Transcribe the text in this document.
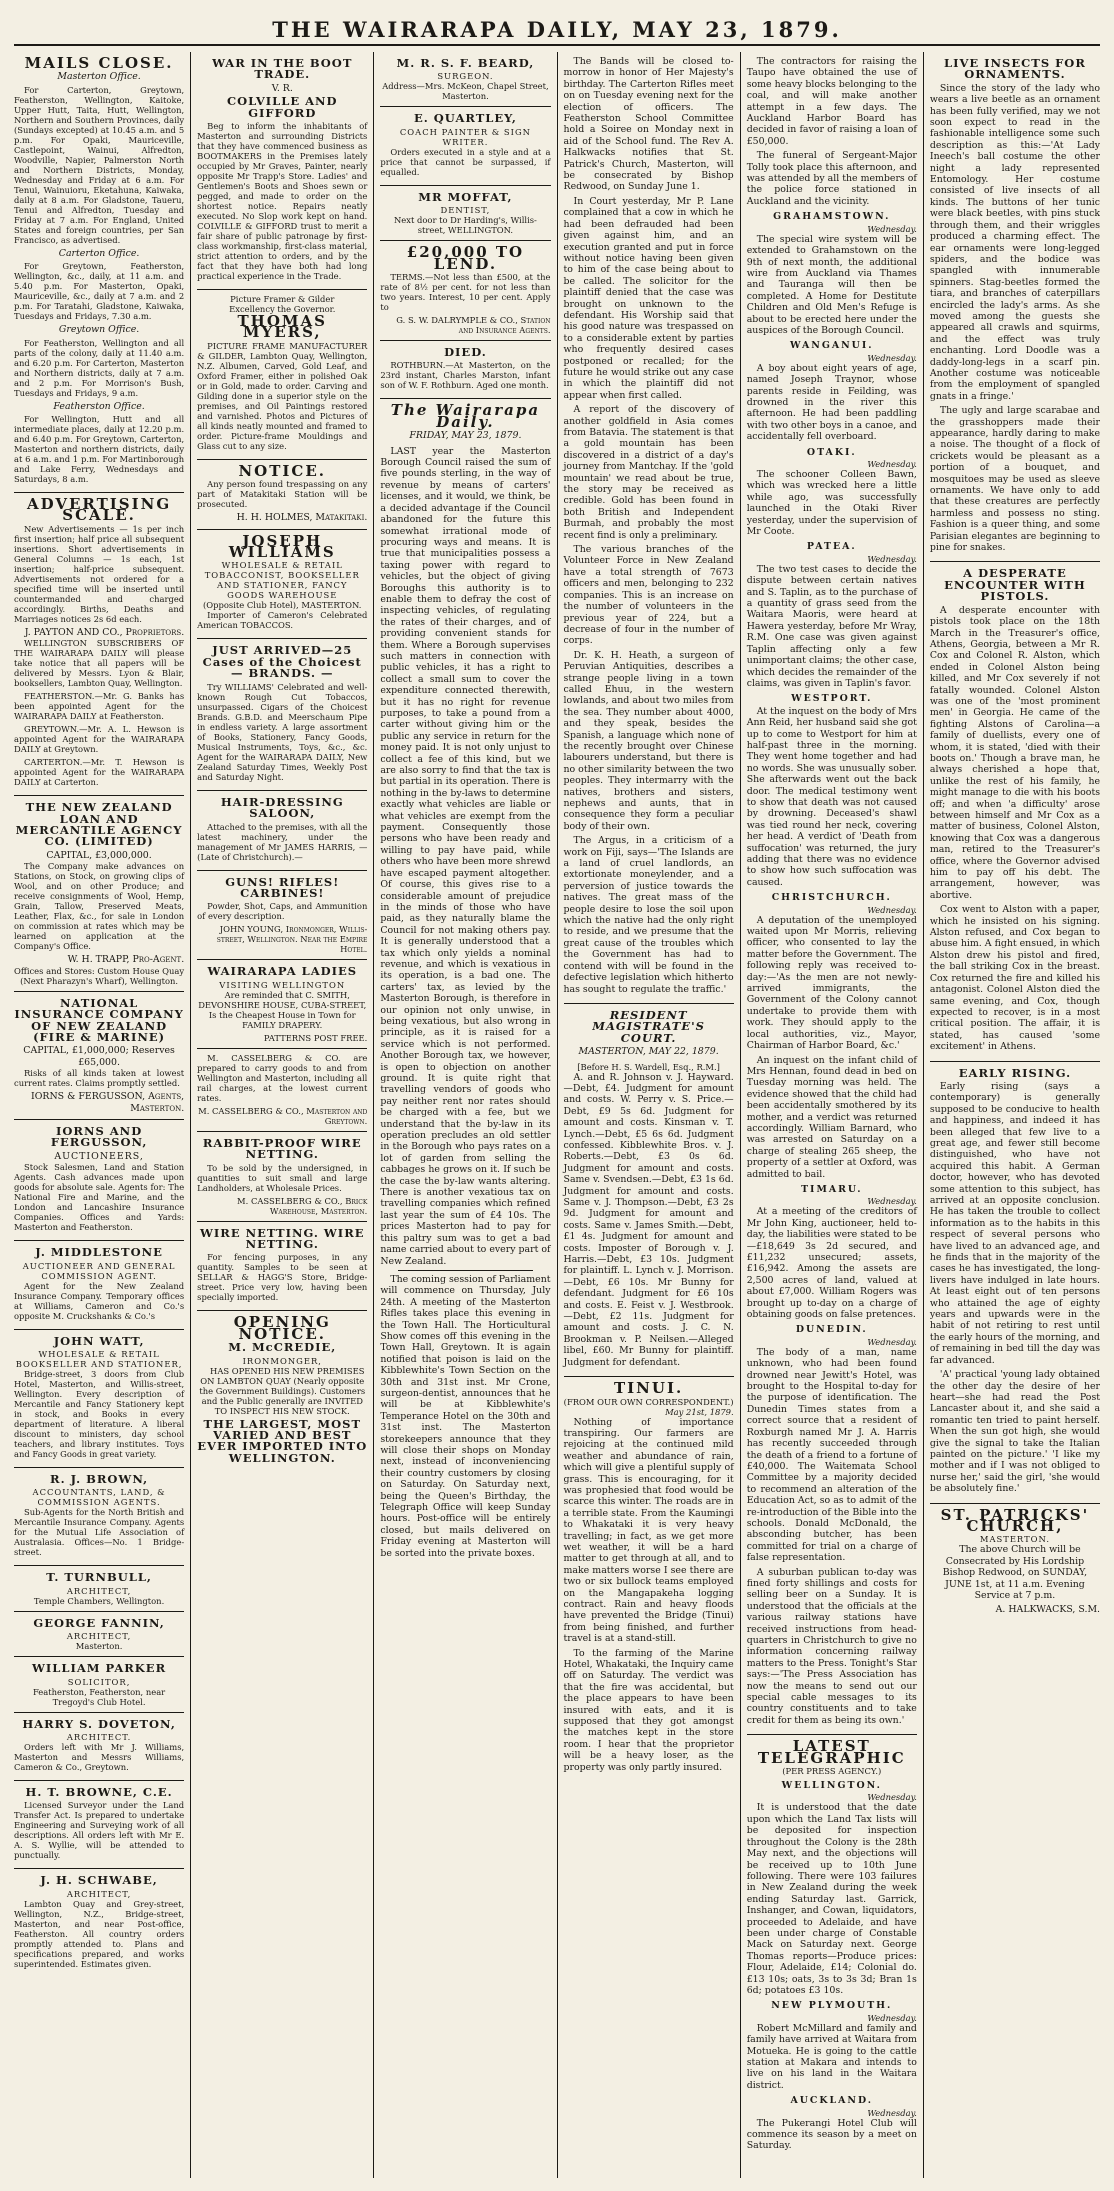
THE WAIRARAPA DAILY, MAY 23, 1879.
MAILS CLOSE.
Masterton Office.

For Carterton, Greytown, Featherston, Wellington, Kaitoke, Upper Hutt, Taita, Hutt, Wellington, Northern and Southern Provinces, daily (Sundays excepted) at 10.45 a.m. and 5 p.m. For Opaki, Mauriceville, Castlepoint, Wainui, Alfredton, Woodville, Napier, Palmerston North and Northern Districts, Monday, Wednesday and Friday at 6 a.m. For Tenui, Wainuioru, Eketahuna, Kaiwaka, daily at 8 a.m. For Gladstone, Taueru, Tenui and Alfredton, Tuesday and Friday at 7 a.m. For England, United States and foreign countries, per San Francisco, as advertised.

Carterton Office.

For Greytown, Featherston, Wellington, &c., daily, at 11 a.m. and 5.40 p.m. For Masterton, Opaki, Mauriceville, &c., daily at 7 a.m. and 2 p.m. For Taratahi, Gladstone, Kaiwaka, Tuesdays and Fridays, 7.30 a.m.

Greytown Office.

For Featherston, Wellington and all parts of the colony, daily at 11.40 a.m. and 6.20 p.m. For Carterton, Masterton and Northern districts, daily at 7 a.m. and 2 p.m. For Morrison's Bush, Tuesdays and Fridays, 9 a.m.

Featherston Office.

For Wellington, Hutt and all intermediate places, daily at 12.20 p.m. and 6.40 p.m. For Greytown, Carterton, Masterton and northern districts, daily at 6 a.m. and 1 p.m. For Martinborough and Lake Ferry, Wednesdays and Saturdays, 8 a.m.

ADVERTISING SCALE.

New Advertisements — 1s per inch first insertion; half price all subsequent insertions. Short advertisements in General Columns — 1s each, 1st insertion; half-price subsequent. Advertisements not ordered for a specified time will be inserted until countermanded and charged accordingly. Births, Deaths and Marriages notices 2s 6d each.

J. PAYTON AND CO., Proprietors.

WELLINGTON SUBSCRIBERS OF THE WAIRARAPA DAILY will please take notice that all papers will be delivered by Messrs. Lyon & Blair, booksellers, Lambton Quay, Wellington.

FEATHERSTON.—Mr. G. Banks has been appointed Agent for the WAIRARAPA DAILY at Featherston.

GREYTOWN.—Mr. A. L. Hewson is appointed Agent for the WAIRARAPA DAILY at Greytown.

CARTERTON.—Mr. T. Hewson is appointed Agent for the WAIRARAPA DAILY at Carterton.

THE NEW ZEALAND LOAN AND MERCANTILE AGENCY CO. (LIMITED)
CAPITAL, £3,000,000.

The Company make advances on Stations, on Stock, on growing clips of Wool, and on other Produce; and receive consignments of Wool, Hemp, Grain, Tallow, Preserved Meats, Leather, Flax, &c., for sale in London on commission at rates which may be learned on application at the Company's Office.

W. H. TRAPP, Pro-Agent.
Offices and Stores: Custom House Quay (Next Pharazyn's Wharf), Wellington.
NATIONAL INSURANCE COMPANY OF NEW ZEALAND (FIRE & MARINE)
CAPITAL, £1,000,000; Reserves £65,000.

Risks of all kinds taken at lowest current rates. Claims promptly settled.

IORNS & FERGUSSON, Agents, Masterton.
IORNS AND FERGUSSON,
AUCTIONEERS,

Stock Salesmen, Land and Station Agents. Cash advances made upon goods for absolute sale. Agents for: The National Fire and Marine, and the London and Lancashire Insurance Companies. Offices and Yards: Masterton and Featherston.

J. MIDDLESTONE
AUCTIONEER AND GENERAL COMMISSION AGENT.

Agent for the New Zealand Insurance Company. Temporary offices at Williams, Cameron and Co.'s opposite M. Cruckshanks & Co.'s

JOHN WATT,
WHOLESALE & RETAIL BOOKSELLER AND STATIONER,

Bridge-street, 3 doors from Club Hotel, Masterton, and Willis-street, Wellington. Every description of Mercantile and Fancy Stationery kept in stock, and Books in every department of literature. A liberal discount to ministers, day school teachers, and library institutes. Toys and Fancy Goods in great variety.

R. J. BROWN,
ACCOUNTANTS, LAND, & COMMISSION AGENTS.

Sub-Agents for the North British and Mercantile Insurance Company. Agents for the Mutual Life Association of Australasia. Offices—No. 1 Bridge-street.

T. TURNBULL,
ARCHITECT,
Temple Chambers, Wellington.
GEORGE FANNIN,
ARCHITECT,
Masterton.
WILLIAM PARKER
SOLICITOR,
Featherston, Featherston, near Tregoyd's Club Hotel.
HARRY S. DOVETON,
ARCHITECT.

Orders left with Mr J. Williams, Masterton and Messrs Williams, Cameron & Co., Greytown.

H. T. BROWNE, C.E.

Licensed Surveyor under the Land Transfer Act. Is prepared to undertake Engineering and Surveying work of all descriptions. All orders left with Mr E. A. S. Wyllie, will be attended to punctually.

J. H. SCHWABE,
ARCHITECT,

Lambton Quay and Grey-street, Wellington, N.Z., Bridge-street, Masterton, and near Post-office, Featherston. All country orders promptly attended to. Plans and specifications prepared, and works superintended. Estimates given.

WAR IN THE BOOT TRADE.
V. R.
COLVILLE AND GIFFORD

Beg to inform the inhabitants of Masterton and surrounding Districts that they have commenced business as BOOTMAKERS in the Premises lately occupied by Mr Graves, Painter, nearly opposite Mr Trapp's Store. Ladies' and Gentlemen's Boots and Shoes sewn or pegged, and made to order on the shortest notice. Repairs neatly executed. No Slop work kept on hand. COLVILLE & GIFFORD trust to merit a fair share of public patronage by first-class workmanship, first-class material, strict attention to orders, and by the fact that they have both had long practical experience in the Trade.

Picture Framer & Gilder
Excellency the Governor.
THOMAS MYERS,

PICTURE FRAME MANUFACTURER & GILDER, Lambton Quay, Wellington, N.Z. Albumen, Carved, Gold Leaf, and Oxford Framer, either in polished Oak or in Gold, made to order. Carving and Gilding done in a superior style on the premises, and Oil Paintings restored and varnished. Photos and Pictures of all kinds neatly mounted and framed to order. Picture-frame Mouldings and Glass cut to any size.

NOTICE.

Any person found trespassing on any part of Matakitaki Station will be prosecuted.

H. H. HOLMES, Matakitaki.
JOSEPH WILLIAMS
WHOLESALE & RETAIL TOBACCONIST, BOOKSELLER AND STATIONER, FANCY GOODS WAREHOUSE
(Opposite Club Hotel), MASTERTON.

Importer of Cameron's Celebrated American TOBACCOS.

JUST ARRIVED—25 Cases of the Choicest — BRANDS. —

Try WILLIAMS' Celebrated and well-known Rough Cut Tobaccos, unsurpassed. Cigars of the Choicest Brands. G.B.D. and Meerschaum Pipe in endless variety. A large assortment of Books, Stationery, Fancy Goods, Musical Instruments, Toys, &c., &c. Agent for the WAIRARAPA DAILY, New Zealand Saturday Times, Weekly Post and Saturday Night.

HAIR-DRESSING SALOON,

Attached to the premises, with all the latest machinery, under the management of Mr JAMES HARRIS, —(Late of Christchurch).—

GUNS! RIFLES! CARBINES!

Powder, Shot, Caps, and Ammunition of every description.

JOHN YOUNG, Ironmonger, Willis-street, Wellington. Near the Empire Hotel.
WAIRARAPA LADIES
VISITING WELLINGTON

Are reminded that C. SMITH, DEVONSHIRE HOUSE, CUBA-STREET, Is the Cheapest House in Town for FAMILY DRAPERY.

PATTERNS POST FREE.

M. CASSELBERG & CO. are prepared to carry goods to and from Wellington and Masterton, including all rail charges, at the lowest current rates.

M. CASSELBERG & CO., Masterton and Greytown.
RABBIT-PROOF WIRE NETTING.

To be sold by the undersigned, in quantities to suit small and large Landholders, at Wholesale Prices.

M. CASSELBERG & CO., Brick Warehouse, Masterton.
WIRE NETTING. WIRE NETTING.

For fencing purposes, in any quantity. Samples to be seen at SELLAR & HAGG'S Store, Bridge-street. Price very low, having been specially imported.

OPENING NOTICE.
M. McCREDIE,
IRONMONGER,

HAS OPENED HIS NEW PREMISES ON LAMBTON QUAY (Nearly opposite the Government Buildings). Customers and the Public generally are INVITED TO INSPECT HIS NEW STOCK.

THE LARGEST, MOST VARIED AND BEST EVER IMPORTED INTO WELLINGTON.
M. R. S. F. BEARD,
SURGEON.
Address—Mrs. McKeon, Chapel Street, Masterton.
E. QUARTLEY,
COACH PAINTER & SIGN WRITER.

Orders executed in a style and at a price that cannot be surpassed, if equalled.

MR MOFFAT,
DENTIST,
Next door to Dr Harding's, Willis-street, WELLINGTON.
£20,000 TO LEND.

TERMS.—Not less than £500, at the rate of 8½ per cent. for not less than two years. Interest, 10 per cent. Apply to

G. S. W. DALRYMPLE & CO., Station and Insurance Agents.
DIED.

ROTHBURN.—At Masterton, on the 23rd instant, Charles Marston, infant son of W. F. Rothburn. Aged one month.

The Wairarapa Daily.
FRIDAY, MAY 23, 1879.

LAST year the Masterton Borough Council raised the sum of five pounds sterling, in the way of revenue by means of carters' licenses, and it would, we think, be a decided advantage if the Council abandoned for the future this somewhat irrational mode of procuring ways and means. It is true that municipalities possess a taxing power with regard to vehicles, but the object of giving Boroughs this authority is to enable them to defray the cost of inspecting vehicles, of regulating the rates of their charges, and of providing convenient stands for them. Where a Borough supervises such matters in connection with public vehicles, it has a right to collect a small sum to cover the expenditure connected therewith, but it has no right for revenue purposes, to take a pound from a carter without giving him or the public any service in return for the money paid. It is not only unjust to collect a fee of this kind, but we are also sorry to find that the tax is but partial in its operation. There is nothing in the by-laws to determine exactly what vehicles are liable or what vehicles are exempt from the payment. Consequently those persons who have been ready and willing to pay have paid, while others who have been more shrewd have escaped payment altogether. Of course, this gives rise to a considerable amount of prejudice in the minds of those who have paid, as they naturally blame the Council for not making others pay. It is generally understood that a tax which only yields a nominal revenue, and which is vexatious in its operation, is a bad one. The carters' tax, as levied by the Masterton Borough, is therefore in our opinion not only unwise, in being vexatious, but also wrong in principle, as it is raised for a service which is not performed. Another Borough tax, we however, is open to objection on another ground. It is quite right that travelling vendors of goods who pay neither rent nor rates should be charged with a fee, but we understand that the by-law in its operation precludes an old settler in the Borough who pays rates on a lot of garden from selling the cabbages he grows on it. If such be the case the by-law wants altering. There is another vexatious tax on travelling companies which refined last year the sum of £4 10s. The prices Masterton had to pay for this paltry sum was to get a bad name carried about to every part of New Zealand.

The coming session of Parliament will commence on Thursday, July 24th. A meeting of the Masterton Rifles takes place this evening in the Town Hall. The Horticultural Show comes off this evening in the Town Hall, Greytown. It is again notified that poison is laid on the Kibblewhite's Town Section on the 30th and 31st inst. Mr Crone, surgeon-dentist, announces that he will be at Kibblewhite's Temperance Hotel on the 30th and 31st inst. The Masterton storekeepers announce that they will close their shops on Monday next, instead of inconveniencing their country customers by closing on Saturday. On Saturday next, being the Queen's Birthday, the Telegraph Office will keep Sunday hours. Post-office will be entirely closed, but mails delivered on Friday evening at Masterton will be sorted into the private boxes.

The Bands will be closed to-morrow in honor of Her Majesty's birthday. The Carterton Rifles meet on on Tuesday evening next for the election of officers. The Featherston School Committee hold a Soiree on Monday next in aid of the School fund. The Rev A. Halkwacks notifies that St. Patrick's Church, Masterton, will be consecrated by Bishop Redwood, on Sunday June 1.

In Court yesterday, Mr P. Lane complained that a cow in which he had been defrauded had been given against him, and an execution granted and put in force without notice having been given to him of the case being about to be called. The solicitor for the plaintiff denied that the case was brought on unknown to the defendant. His Worship said that his good nature was trespassed on to a considerable extent by parties who frequently desired cases postponed or recalled; for the future he would strike out any case in which the plaintiff did not appear when first called.

A report of the discovery of another goldfield in Asia comes from Batavia. The statement is that a gold mountain has been discovered in a district of a day's journey from Mantchay. If the 'gold mountain' we read about be true, the story may be received as credible. Gold has been found in both British and Independent Burmah, and probably the most recent find is only a preliminary.

The various branches of the Volunteer Force in New Zealand have a total strength of 7673 officers and men, belonging to 232 companies. This is an increase on the number of volunteers in the previous year of 224, but a decrease of four in the number of corps.

Dr. K. H. Heath, a surgeon of Peruvian Antiquities, describes a strange people living in a town called Ehuu, in the western lowlands, and about two miles from the sea. They number about 4000, and they speak, besides the Spanish, a language which none of the recently brought over Chinese labourers understand, but there is no other similarity between the two peoples. They intermarry with the natives, brothers and sisters, nephews and aunts, that in consequence they form a peculiar body of their own.

The Argus, in a criticism of a work on Fiji, says—'The Islands are a land of cruel landlords, an extortionate moneylender, and a perversion of justice towards the natives. The great mass of the people desire to lose the soil upon which the native had the only right to reside, and we presume that the great cause of the troubles which the Government has had to contend with will be found in the defective legislation which hitherto has sought to regulate the traffic.'

RESIDENT MAGISTRATE'S COURT.
MASTERTON, MAY 22, 1879.
[Before H. S. Wardell, Esq., R.M.]

A. and R. Johnson v. J. Hayward.—Debt, £4. Judgment for amount and costs. W. Perry v. S. Price.—Debt, £9 5s 6d. Judgment for amount and costs. Kinsman v. T. Lynch.—Debt, £5 6s 6d. Judgment confessed. Kibblewhite Bros. v. J. Roberts.—Debt, £3 0s 6d. Judgment for amount and costs. Same v. Svendsen.—Debt, £3 1s 6d. Judgment for amount and costs. Same v. J. Thompson.—Debt, £3 2s 9d. Judgment for amount and costs. Same v. James Smith.—Debt, £1 4s. Judgment for amount and costs. Imposter of Borough v. J. Harris.—Debt, £3 10s. Judgment for plaintiff. L. Lynch v. J. Morrison.—Debt, £6 10s. Mr Bunny for defendant. Judgment for £6 10s and costs. E. Feist v. J. Westbrook.—Debt, £2 11s. Judgment for amount and costs. J. C. N. Brookman v. P. Neilsen.—Alleged libel, £60. Mr Bunny for plaintiff. Judgment for defendant.

TINUI.
(FROM OUR OWN CORRESPONDENT.)
May 21st, 1879.

Nothing of importance transpiring. Our farmers are rejoicing at the continued mild weather and abundance of rain, which will give a plentiful supply of grass. This is encouraging, for it was prophesied that food would be scarce this winter. The roads are in a terrible state. From the Kaumingi to Whakataki it is very heavy travelling; in fact, as we get more wet weather, it will be a hard matter to get through at all, and to make matters worse I see there are two or six bullock teams employed on the Mangapakeha logging contract. Rain and heavy floods have prevented the Bridge (Tinui) from being finished, and further travel is at a stand-still.

To the farming of the Marine Hotel, Whakataki, the Inquiry came off on Saturday. The verdict was that the fire was accidental, but the place appears to have been insured with eats, and it is supposed that they got amongst the matches kept in the store room. I hear that the proprietor will be a heavy loser, as the property was only partly insured.

The contractors for raising the Taupo have obtained the use of some heavy blocks belonging to the coal, and will make another attempt in a few days. The Auckland Harbor Board has decided in favor of raising a loan of £50,000.

The funeral of Sergeant-Major Tolly took place this afternoon, and was attended by all the members of the police force stationed in Auckland and the vicinity.

GRAHAMSTOWN.
Wednesday.

The special wire system will be extended to Grahamstown on the 9th of next month, the additional wire from Auckland via Thames and Tauranga will then be completed. A Home for Destitute Children and Old Men's Refuge is about to be erected here under the auspices of the Borough Council.

WANGANUI.
Wednesday.

A boy about eight years of age, named Joseph Traynor, whose parents reside in Feilding, was drowned in the river this afternoon. He had been paddling with two other boys in a canoe, and accidentally fell overboard.

OTAKI.
Wednesday.

The schooner Colleen Bawn, which was wrecked here a little while ago, was successfully launched in the Otaki River yesterday, under the supervision of Mr Coote.

PATEA.
Wednesday.

The two test cases to decide the dispute between certain natives and S. Taplin, as to the purchase of a quantity of grass seed from the Waitara Maoris, were heard at Hawera yesterday, before Mr Wray, R.M. One case was given against Taplin affecting only a few unimportant claims; the other case, which decides the remainder of the claims, was given in Taplin's favor.

WESTPORT.

At the inquest on the body of Mrs Ann Reid, her husband said she got up to come to Westport for him at half-past three in the morning. They went home together and had no words. She was unusually sober. She afterwards went out the back door. The medical testimony went to show that death was not caused by drowning. Deceased's shawl was tied round her neck, covering her head. A verdict of 'Death from suffocation' was returned, the jury adding that there was no evidence to show how such suffocation was caused.

CHRISTCHURCH.
Wednesday.

A deputation of the unemployed waited upon Mr Morris, relieving officer, who consented to lay the matter before the Government. The following reply was received to-day:—'As the men are not newly-arrived immigrants, the Government of the Colony cannot undertake to provide them with work. They should apply to the local authorities, viz., Mayor, Chairman of Harbor Board, &c.'

An inquest on the infant child of Mrs Hennan, found dead in bed on Tuesday morning was held. The evidence showed that the child had been accidentally smothered by its mother, and a verdict was returned accordingly. William Barnard, who was arrested on Saturday on a charge of stealing 265 sheep, the property of a settler at Oxford, was admitted to bail.

TIMARU.
Wednesday.

At a meeting of the creditors of Mr John King, auctioneer, held to-day, the liabilities were stated to be—£18,649 3s 2d secured, and £11,232 unsecured; assets, £16,942. Among the assets are 2,500 acres of land, valued at about £7,000. William Rogers was brought up to-day on a charge of obtaining goods on false pretences.

DUNEDIN.
Wednesday.

The body of a man, name unknown, who had been found drowned near Jewitt's Hotel, was brought to the Hospital to-day for the purpose of identification. The Dunedin Times states from a correct source that a resident of Roxburgh named Mr J. A. Harris has recently succeeded through the death of a friend to a fortune of £40,000. The Waitemata School Committee by a majority decided to recommend an alteration of the Education Act, so as to admit of the re-introduction of the Bible into the schools. Donald McDonald, the absconding butcher, has been committed for trial on a charge of false representation.

A suburban publican to-day was fined forty shillings and costs for selling beer on a Sunday. It is understood that the officials at the various railway stations have received instructions from head-quarters in Christchurch to give no information concerning railway matters to the Press. Tonight's Star says:—'The Press Association has now the means to send out our special cable messages to its country constituents and to take credit for them as being its own.'

LATEST TELEGRAPHIC
(PER PRESS AGENCY.)
WELLINGTON.
Wednesday.

It is understood that the date upon which the Land Tax lists will be deposited for inspection throughout the Colony is the 28th May next, and the objections will be received up to 10th June following. There were 103 failures in New Zealand during the week ending Saturday last. Garrick, Inshanger, and Cowan, liquidators, proceeded to Adelaide, and have been under charge of Constable Mack on Saturday next. George Thomas reports—Produce prices: Flour, Adelaide, £14; Colonial do. £13 10s; oats, 3s to 3s 3d; Bran 1s 6d; potatoes £3 10s.

NEW PLYMOUTH.
Wednesday.

Robert McMillard and family and family have arrived at Waitara from Motueka. He is going to the cattle station at Makara and intends to live on his land in the Waitara district.

AUCKLAND.
Wednesday.

The Pukerangi Hotel Club will commence its season by a meet on Saturday.

LIVE INSECTS FOR ORNAMENTS.

Since the story of the lady who wears a live beetle as an ornament has been fully verified, may we not soon expect to read in the fashionable intelligence some such description as this:—'At Lady Ineech's ball costume the other night a lady represented Entomology. Her costume consisted of live insects of all kinds. The buttons of her tunic were black beetles, with pins stuck through them, and their wriggles produced a charming effect. The ear ornaments were long-legged spiders, and the bodice was spangled with innumerable spinners. Stag-beetles formed the tiara, and branches of caterpillars encircled the lady's arms. As she moved among the guests she appeared all crawls and squirms, and the effect was truly enchanting. Lord Doodle was a daddy-long-legs in a scarf pin. Another costume was noticeable from the employment of spangled gnats in a fringe.'

The ugly and large scarabae and the grasshoppers made their appearance, hardly daring to make a noise. The thought of a flock of crickets would be pleasant as a portion of a bouquet, and mosquitoes may be used as sleeve ornaments. We have only to add that these creatures are perfectly harmless and possess no sting. Fashion is a queer thing, and some Parisian elegantes are beginning to pine for snakes.

A DESPERATE ENCOUNTER WITH PISTOLS.

A desperate encounter with pistols took place on the 18th March in the Treasurer's office, Athens, Georgia, between a Mr R. Cox and Colonel R. Alston, which ended in Colonel Alston being killed, and Mr Cox severely if not fatally wounded. Colonel Alston was one of the 'most prominent men' in Georgia. He came of the fighting Alstons of Carolina—a family of duellists, every one of whom, it is stated, 'died with their boots on.' Though a brave man, he always cherished a hope that, unlike the rest of his family, he might manage to die with his boots off; and when 'a difficulty' arose between himself and Mr Cox as a matter of business, Colonel Alston, knowing that Cox was a dangerous man, retired to the Treasurer's office, where the Governor advised him to pay off his debt. The arrangement, however, was abortive.

Cox went to Alston with a paper, which he insisted on his signing. Alston refused, and Cox began to abuse him. A fight ensued, in which Alston drew his pistol and fired, the ball striking Cox in the breast. Cox returned the fire and killed his antagonist. Colonel Alston died the same evening, and Cox, though expected to recover, is in a most critical position. The affair, it is stated, has caused 'some excitement' in Athens.

EARLY RISING.

Early rising (says a contemporary) is generally supposed to be conducive to health and happiness, and indeed it has been alleged that few live to a great age, and fewer still become distinguished, who have not acquired this habit. A German doctor, however, who has devoted some attention to this subject, has arrived at an opposite conclusion. He has taken the trouble to collect information as to the habits in this respect of several persons who have lived to an advanced age, and he finds that in the majority of the cases he has investigated, the long-livers have indulged in late hours. At least eight out of ten persons who attained the age of eighty years and upwards were in the habit of not retiring to rest until the early hours of the morning, and of remaining in bed till the day was far advanced.

'A' practical 'young lady obtained the other day the desire of her heart—she had read the Post Lancaster about it, and she said a romantic ten tried to paint herself. When the sun got high, she would give the signal to take the Italian painted on the picture.' 'I like my mother and if I was not obliged to nurse her,' said the girl, 'she would be absolutely fine.'

ST. PATRICKS' CHURCH,
MASTERTON.

The above Church will be Consecrated by His Lordship Bishop Redwood, on SUNDAY, JUNE 1st, at 11 a.m. Evening Service at 7 p.m.

A. HALKWACKS, S.M.
